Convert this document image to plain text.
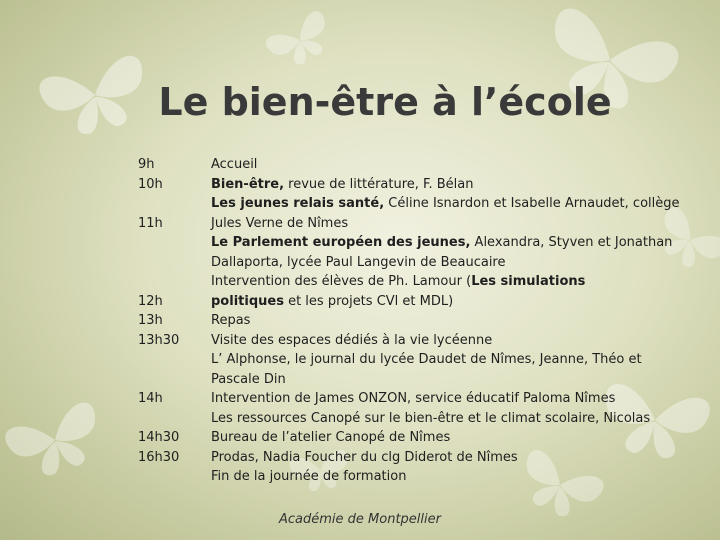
Le bien-être à l’école
9h
10h
11h
12h
13h
13h30
14h
14h30
16h30
Accueil
Bien-être, revue de littérature, F. Bélan
Les jeunes relais santé, Céline Isnardon et Isabelle Arnaudet, collège
Jules Verne de Nîmes
Le Parlement européen des jeunes, Alexandra, Styven et Jonathan
Dallaporta, lycée Paul Langevin de Beaucaire
Intervention des élèves de Ph. Lamour (Les simulations
politiques et les projets CVl et MDL)
Repas
Visite des espaces dédiés à la vie lycéenne
L’ Alphonse, le journal du lycée Daudet de Nîmes, Jeanne, Théo et
Pascale Din
Intervention de James ONZON, service éducatif Paloma Nîmes
Les ressources Canopé sur le bien-être et le climat scolaire, Nicolas
Bureau de l’atelier Canopé de Nîmes
Prodas, Nadia Foucher du clg Diderot de Nîmes
Fin de la journée de formation
Académie de Montpellier
